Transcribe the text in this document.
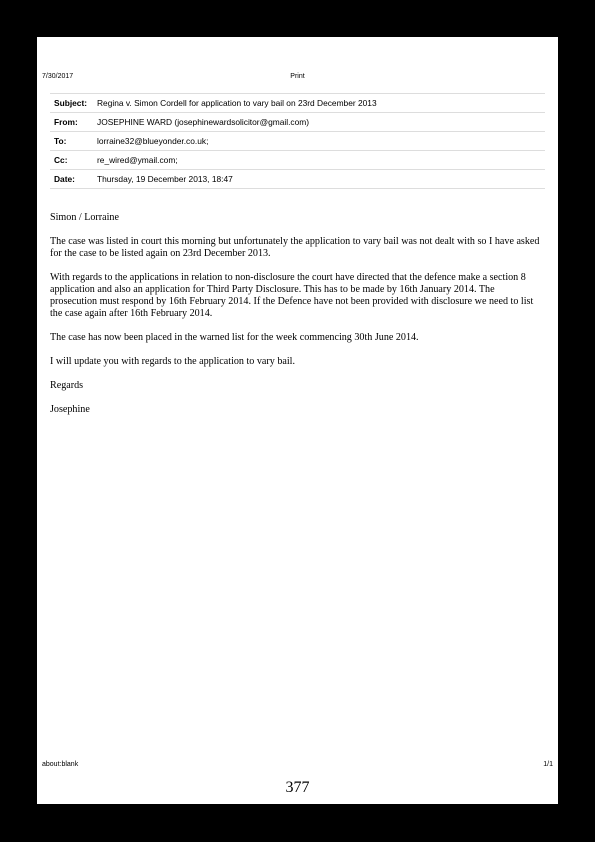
7/30/2017	Print
Subject:	Regina v. Simon Cordell for application to vary bail on 23rd December 2013
From:	JOSEPHINE WARD (josephinewardsolicitor@gmail.com)
To:	lorraine32@blueyonder.co.uk;
Cc:	re_wired@ymail.com;
Date:	Thursday, 19 December 2013, 18:47

Simon / Lorraine

The case was listed in court this morning but unfortunately the application to vary bail was not dealt with so I have asked for the case to be listed again on 23rd December 2013.

With regards to the applications in relation to non-disclosure the court have directed that the defence make a section 8 application and also an application for Third Party Disclosure. This has to be made by 16th January 2014. The prosecution must respond by 16th February 2014. If the Defence have not been provided with disclosure we need to list the case again after 16th February 2014.

The case has now been placed in the warned list for the week commencing 30th June 2014.

I will update you with regards to the application to vary bail.

Regards

Josephine

about:blank	1/1
377
